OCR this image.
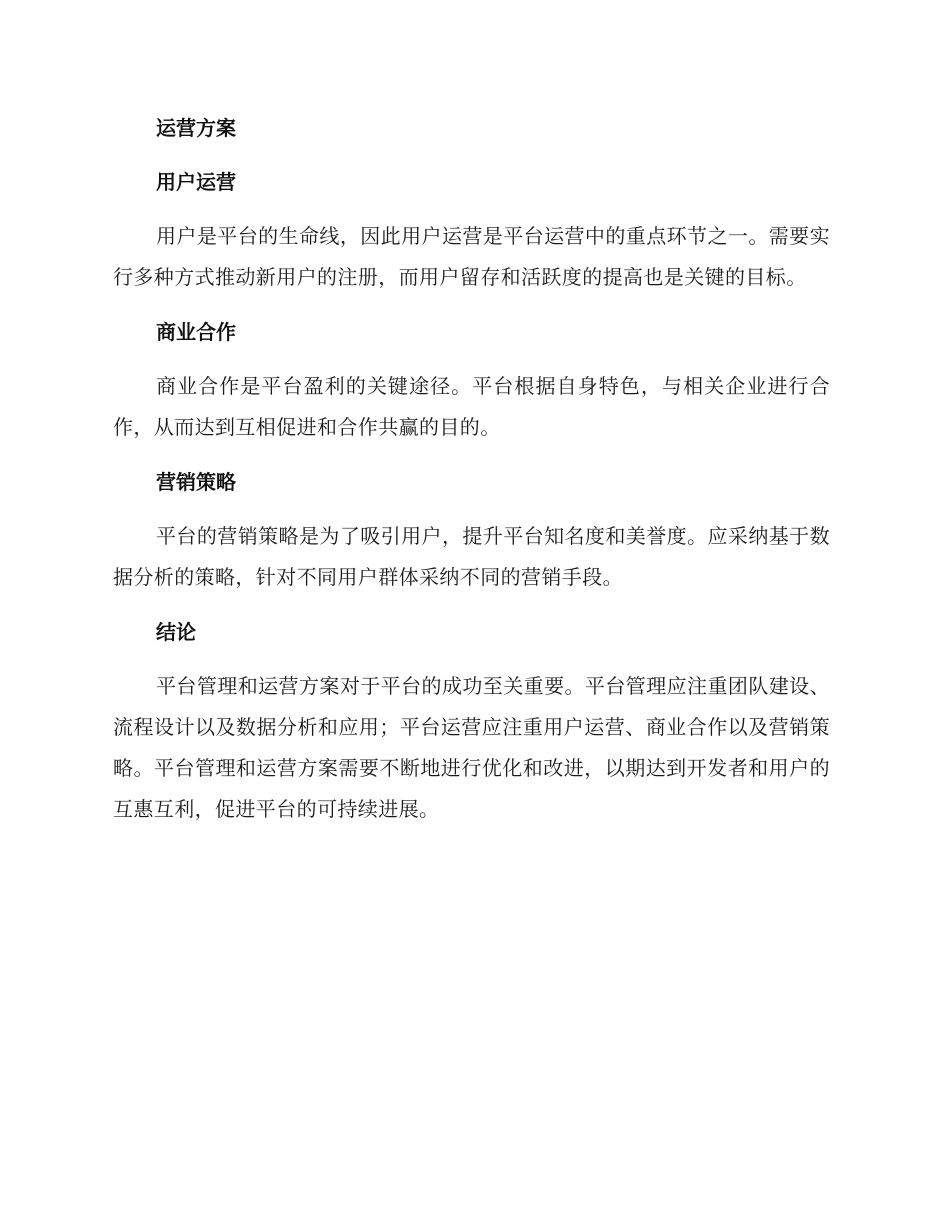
运营方案
用户运营

用户是平台的生命线，因此用户运营是平台运营中的重点环节之一。需要实行多种方式推动新用户的注册，而用户留存和活跃度的提高也是关键的目标。

商业合作

商业合作是平台盈利的关键途径。平台根据自身特色，与相关企业进行合作，从而达到互相促进和合作共赢的目的。

营销策略

平台的营销策略是为了吸引用户，提升平台知名度和美誉度。应采纳基于数据分析的策略，针对不同用户群体采纳不同的营销手段。

结论

平台管理和运营方案对于平台的成功至关重要。平台管理应注重团队建设、流程设计以及数据分析和应用；平台运营应注重用户运营、商业合作以及营销策略。平台管理和运营方案需要不断地进行优化和改进，以期达到开发者和用户的互惠互利，促进平台的可持续进展。
